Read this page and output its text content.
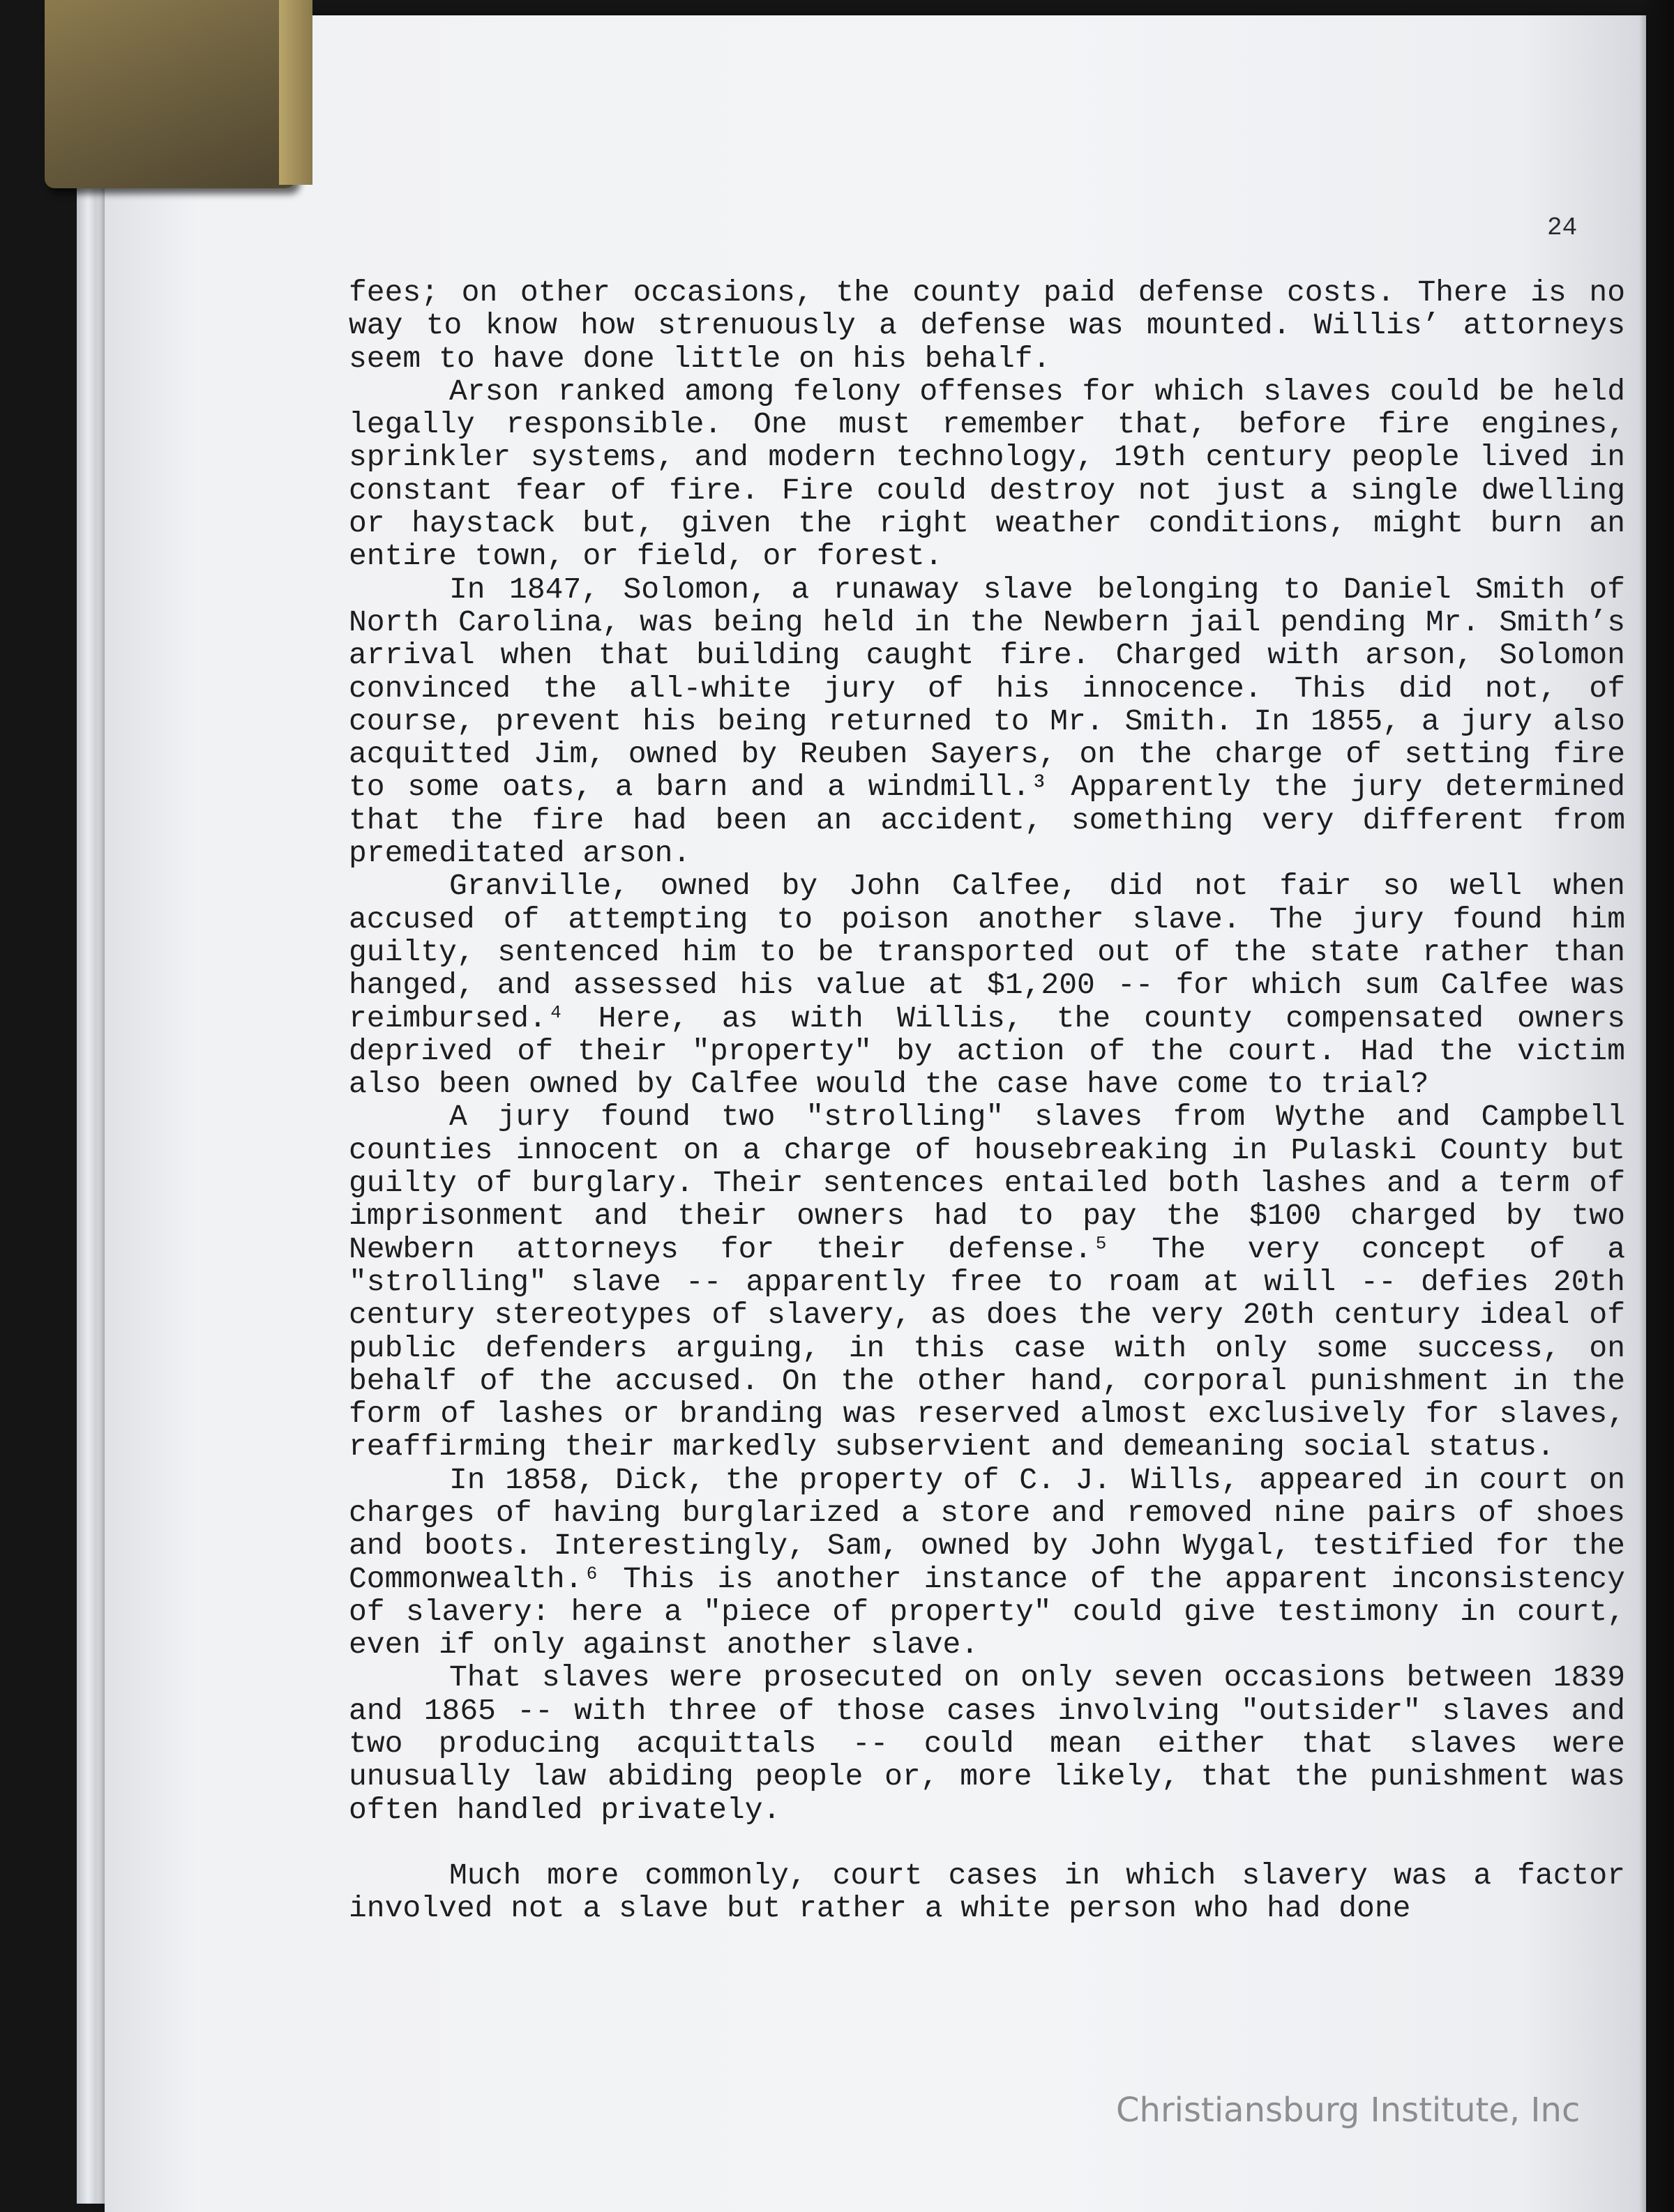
24

fees; on other occasions, the county paid defense costs. There is no way to know how strenuously a defense was mounted. Willis’ attorneys seem to have done little on his behalf.

Arson ranked among felony offenses for which slaves could be held legally responsible. One must remember that, before fire engines, sprinkler systems, and modern technology, 19th century people lived in constant fear of fire. Fire could destroy not just a single dwelling or haystack but, given the right weather conditions, might burn an entire town, or field, or forest.

In 1847, Solomon, a runaway slave belonging to Daniel Smith of North Carolina, was being held in the Newbern jail pending Mr. Smith’s arrival when that building caught fire. Charged with arson, Solomon convinced the all-white jury of his innocence. This did not, of course, prevent his being returned to Mr. Smith. In 1855, a jury also acquitted Jim, owned by Reuben Sayers, on the charge of setting fire to some oats, a barn and a windmill.³ Apparently the jury determined that the fire had been an accident, something very different from premeditated arson.

Granville, owned by John Calfee, did not fair so well when accused of attempting to poison another slave. The jury found him guilty, sentenced him to be transported out of the state rather than hanged, and assessed his value at $1,200 -- for which sum Calfee was reimbursed.⁴ Here, as with Willis, the county compensated owners deprived of their "property" by action of the court. Had the victim also been owned by Calfee would the case have come to trial?

A jury found two "strolling" slaves from Wythe and Campbell counties innocent on a charge of housebreaking in Pulaski County but guilty of burglary. Their sentences entailed both lashes and a term of imprisonment and their owners had to pay the $100 charged by two Newbern attorneys for their defense.⁵ The very concept of a "strolling" slave -- apparently free to roam at will -- defies 20th century stereotypes of slavery, as does the very 20th century ideal of public defenders arguing, in this case with only some success, on behalf of the accused. On the other hand, corporal punishment in the form of lashes or branding was reserved almost exclusively for slaves, reaffirming their markedly subservient and demeaning social status.

In 1858, Dick, the property of C. J. Wills, appeared in court on charges of having burglarized a store and removed nine pairs of shoes and boots. Interestingly, Sam, owned by John Wygal, testified for the Commonwealth.⁶ This is another instance of the apparent inconsistency of slavery: here a "piece of property" could give testimony in court, even if only against another slave.

That slaves were prosecuted on only seven occasions between 1839 and 1865 -- with three of those cases involving "outsider" slaves and two producing acquittals -- could mean either that slaves were unusually law abiding people or, more likely, that the punishment was often handled privately.

Much more commonly, court cases in which slavery was a factor involved not a slave but rather a white person who had done

Christiansburg Institute, Inc
